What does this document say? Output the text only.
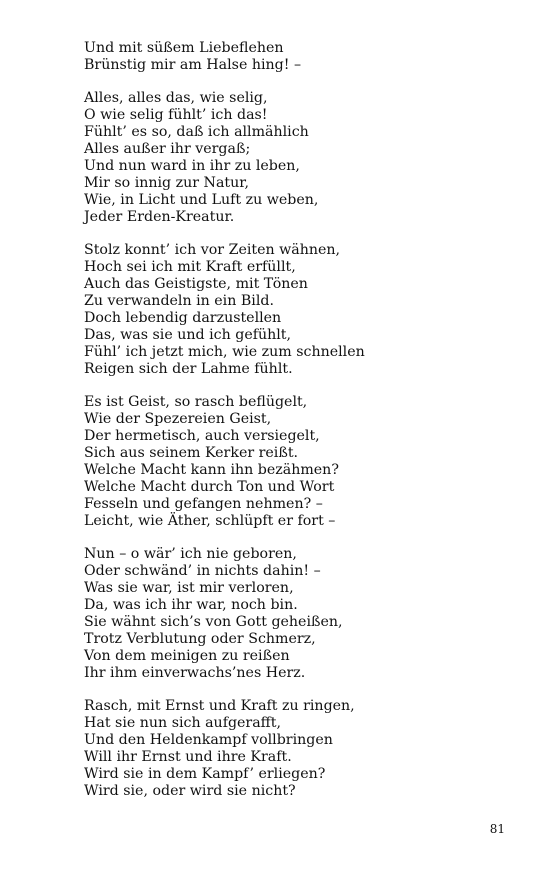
Und mit süßem Liebeflehen
Brünstig mir am Halse hing! –
Alles, alles das, wie selig,
O wie selig fühlt’ ich das!
Fühlt’ es so, daß ich allmählich
Alles außer ihr vergaß;
Und nun ward in ihr zu leben,
Mir so innig zur Natur,
Wie, in Licht und Luft zu weben,
Jeder Erden-Kreatur.
Stolz konnt’ ich vor Zeiten wähnen,
Hoch sei ich mit Kraft erfüllt,
Auch das Geistigste, mit Tönen
Zu verwandeln in ein Bild.
Doch lebendig darzustellen
Das, was sie und ich gefühlt,
Fühl’ ich jetzt mich, wie zum schnellen
Reigen sich der Lahme fühlt.
Es ist Geist, so rasch beflügelt,
Wie der Spezereien Geist,
Der hermetisch, auch versiegelt,
Sich aus seinem Kerker reißt.
Welche Macht kann ihn bezähmen?
Welche Macht durch Ton und Wort
Fesseln und gefangen nehmen? –
Leicht, wie Äther, schlüpft er fort –
Nun – o wär’ ich nie geboren,
Oder schwänd’ in nichts dahin! –
Was sie war, ist mir verloren,
Da, was ich ihr war, noch bin.
Sie wähnt sich’s von Gott geheißen,
Trotz Verblutung oder Schmerz,
Von dem meinigen zu reißen
Ihr ihm einverwachs’nes Herz.
Rasch, mit Ernst und Kraft zu ringen,
Hat sie nun sich aufgerafft,
Und den Heldenkampf vollbringen
Will ihr Ernst und ihre Kraft.
Wird sie in dem Kampf’ erliegen?
Wird sie, oder wird sie nicht?
81
